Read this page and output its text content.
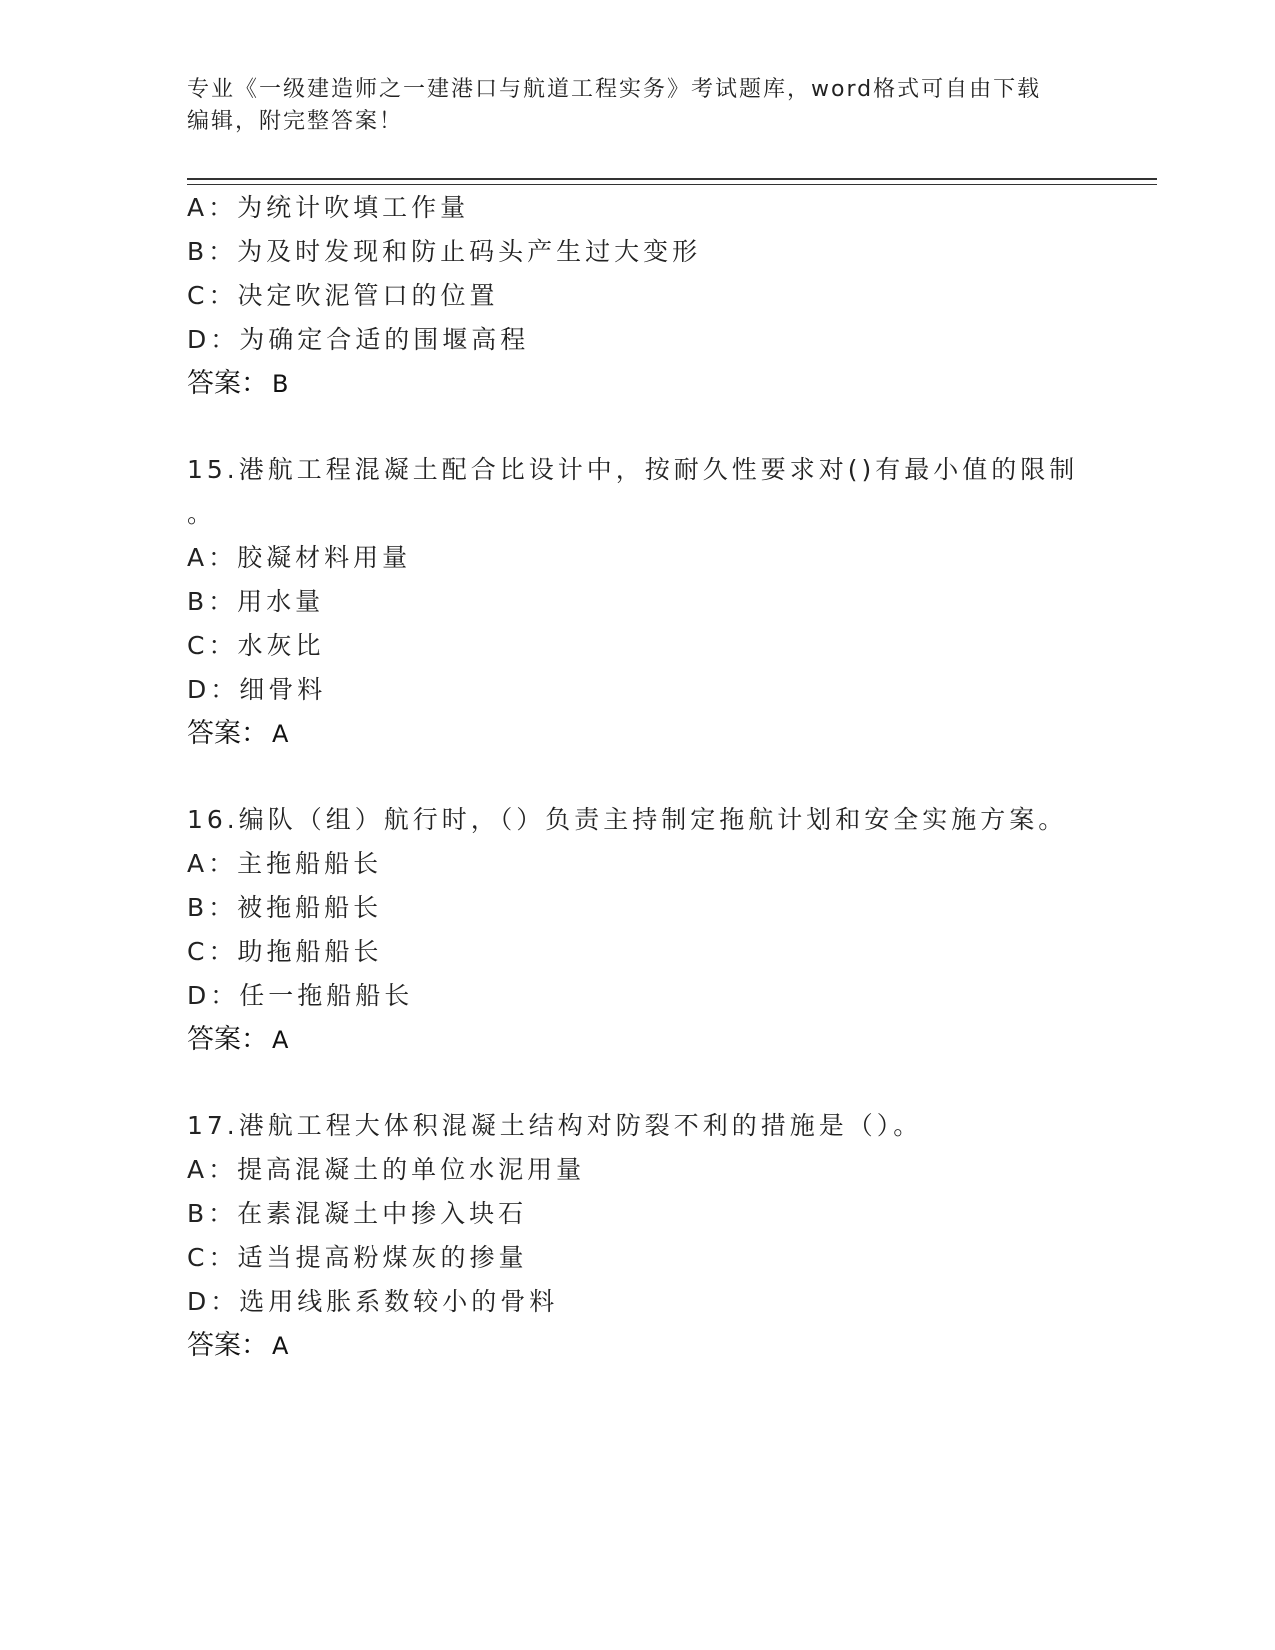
专业《一级建造师之一建港口与航道工程实务》考试题库，word格式可自由下载
编辑，附完整答案！
A：为统计吹填工作量
B：为及时发现和防止码头产生过大变形
C：决定吹泥管口的位置
D：为确定合适的围堰高程
答案： B
15.港航工程混凝土配合比设计中，按耐久性要求对()有最小值的限制
。
A：胶凝材料用量
B：用水量
C：水灰比
D：细骨料
答案： A
16.编队（组）航行时，（）负责主持制定拖航计划和安全实施方案。
A：主拖船船长
B：被拖船船长
C：助拖船船长
D：任一拖船船长
答案： A
17.港航工程大体积混凝土结构对防裂不利的措施是（）。
A：提高混凝土的单位水泥用量
B：在素混凝土中掺入块石
C：适当提高粉煤灰的掺量
D：选用线胀系数较小的骨料
答案： A
